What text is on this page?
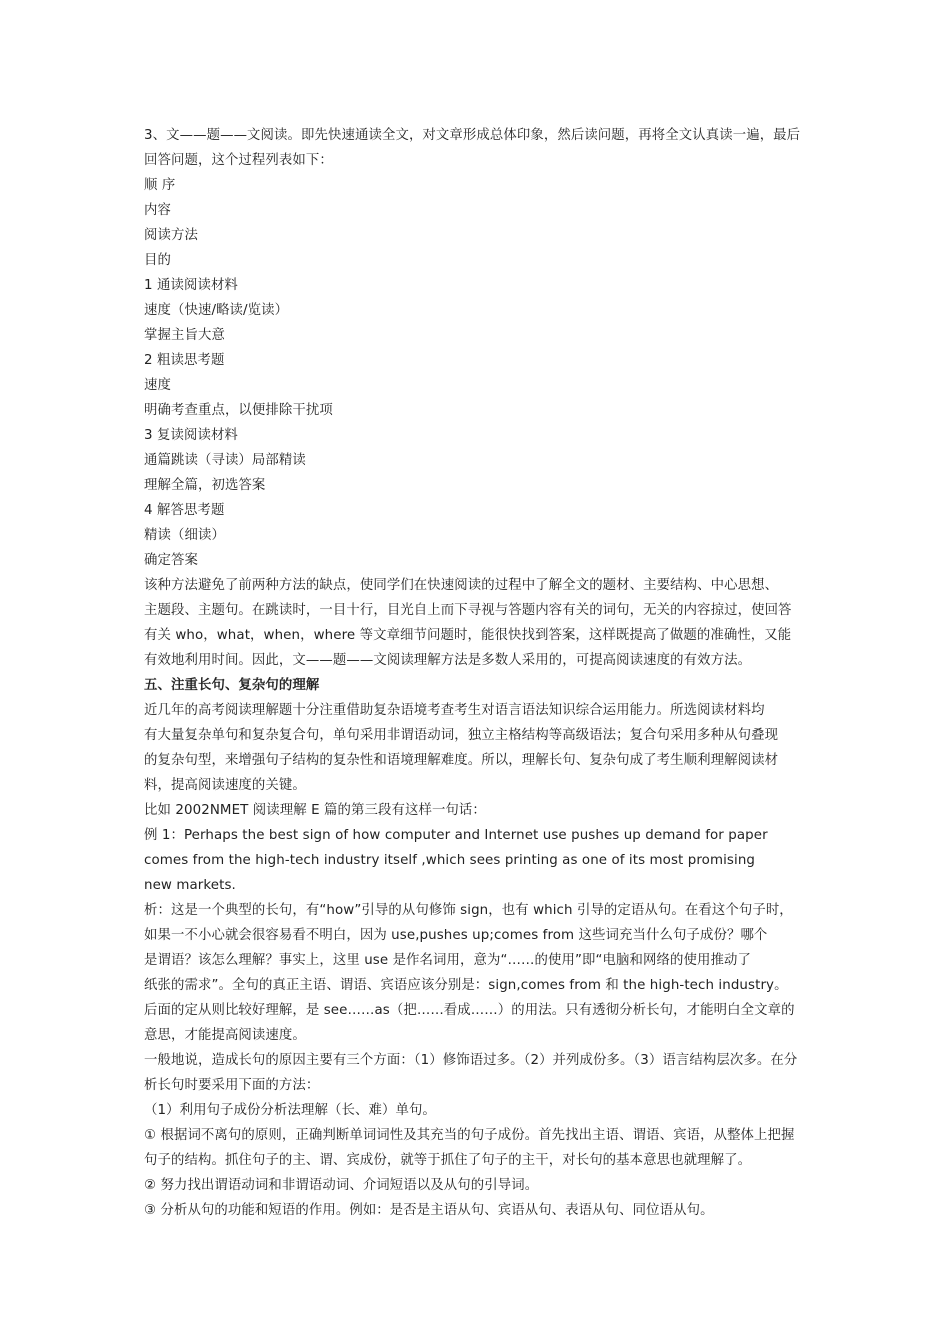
3、文——题——文阅读。即先快速通读全文，对文章形成总体印象，然后读问题，再将全文认真读一遍，最后
回答问题，这个过程列表如下：
顺 序
内容
阅读方法
目的
1 通读阅读材料
速度（快速/略读/览读）
掌握主旨大意
2 粗读思考题
速度
明确考查重点，以便排除干扰项
3 复读阅读材料
通篇跳读（寻读）局部精读
理解全篇，初选答案
4 解答思考题
精读（细读）
确定答案
该种方法避免了前两种方法的缺点，使同学们在快速阅读的过程中了解全文的题材、主要结构、中心思想、
主题段、主题句。在跳读时，一目十行，目光自上而下寻视与答题内容有关的词句，无关的内容掠过，使回答
有关 who，what，when，where 等文章细节问题时，能很快找到答案，这样既提高了做题的准确性，又能
有效地利用时间。因此，文——题——文阅读理解方法是多数人采用的，可提高阅读速度的有效方法。
五、注重长句、复杂句的理解
近几年的高考阅读理解题十分注重借助复杂语境考查考生对语言语法知识综合运用能力。所选阅读材料均
有大量复杂单句和复杂复合句，单句采用非谓语动词，独立主格结构等高级语法；复合句采用多种从句叠现
的复杂句型，来增强句子结构的复杂性和语境理解难度。所以，理解长句、复杂句成了考生顺利理解阅读材
料，提高阅读速度的关键。
比如 2002NMET 阅读理解 E 篇的第三段有这样一句话：
例 1：Perhaps the best sign of how computer and Internet use pushes up demand for paper
comes from the high-tech industry itself ,which sees printing as one of its most promising
new markets.
析：这是一个典型的长句，有“how”引导的从句修饰 sign，也有 which 引导的定语从句。在看这个句子时，
如果一不小心就会很容易看不明白，因为 use,pushes up;comes from 这些词充当什么句子成份？哪个
是谓语？该怎么理解？事实上，这里 use 是作名词用，意为“……的使用”即“电脑和网络的使用推动了
纸张的需求”。全句的真正主语、谓语、宾语应该分别是：sign,comes from 和 the high-tech industry。
后面的定从则比较好理解，是 see……as（把……看成……）的用法。只有透彻分析长句，才能明白全文章的
意思，才能提高阅读速度。
一般地说，造成长句的原因主要有三个方面：（1）修饰语过多。（2）并列成份多。（3）语言结构层次多。在分
析长句时要采用下面的方法：
（1）利用句子成份分析法理解（长、难）单句。
① 根据词不离句的原则，正确判断单词词性及其充当的句子成份。首先找出主语、谓语、宾语，从整体上把握
句子的结构。抓住句子的主、谓、宾成份，就等于抓住了句子的主干，对长句的基本意思也就理解了。
② 努力找出谓语动词和非谓语动词、介词短语以及从句的引导词。
③ 分析从句的功能和短语的作用。例如：是否是主语从句、宾语从句、表语从句、同位语从句。
